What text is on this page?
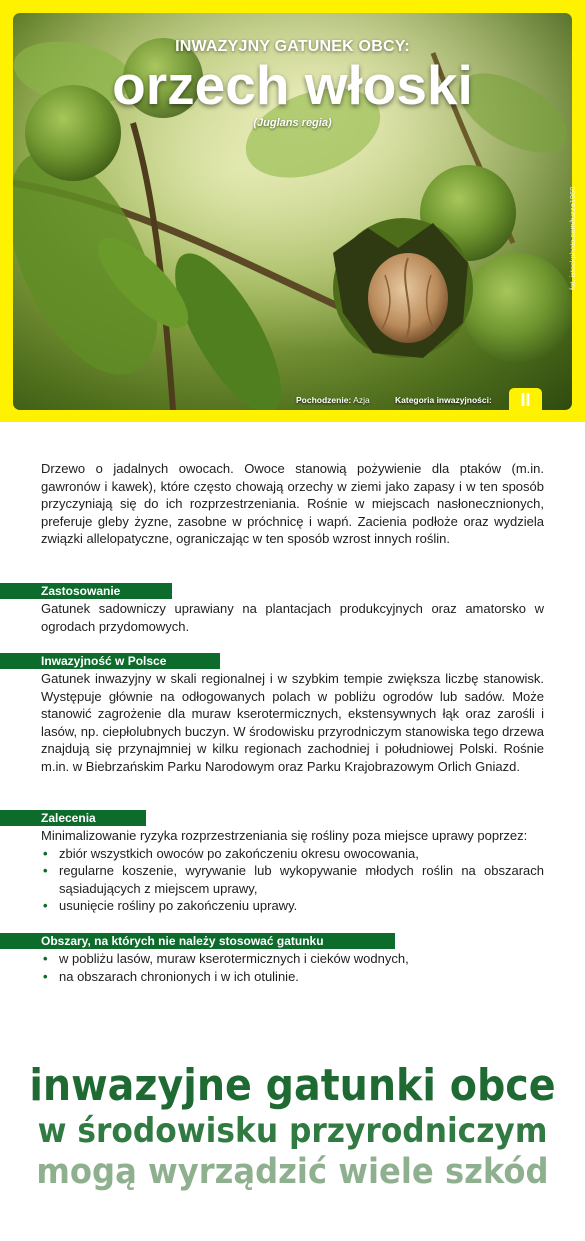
INWAZYJNY GATUNEK OBCY:
orzech włoski
(Juglans regia)
fot. istockphoto.com/tuzza1960
Pochodzenie: Azja	Kategoria inwazyjności:	II

Drzewo o jadalnych owocach. Owoce stanowią pożywienie dla ptaków (m.in. gawronów i kawek), które często chowają orzechy w ziemi jako zapasy i w ten sposób przyczyniają się do ich rozprzestrzeniania. Rośnie w miejscach nasłonecznionych, preferuje gleby żyzne, zasobne w próchnicę i wapń. Zacienia podłoże oraz wydziela związki allelopatyczne, ograniczając w ten sposób wzrost innych roślin.

Zastosowanie

Gatunek sadowniczy uprawiany na plantacjach produkcyjnych oraz amatorsko w ogrodach przydomowych.

Inwazyjność w Polsce

Gatunek inwazyjny w skali regionalnej i w szybkim tempie zwiększa liczbę stanowisk. Występuje głównie na odłogowanych polach w pobliżu ogrodów lub sadów. Może stanowić zagrożenie dla muraw kserotermicznych, ekstensywnych łąk oraz zarośli i lasów, np. ciepłolubnych buczyn. W środowisku przyrodniczym stanowiska tego drzewa znajdują się przynajmniej w kilku regionach zachodniej i południowej Polski. Rośnie m.in. w Biebrzańskim Parku Narodowym oraz Parku Krajobrazowym Orlich Gniazd.

Zalecenia

Minimalizowanie ryzyka rozprzestrzeniania się rośliny poza miejsce uprawy poprzez:

• zbiór wszystkich owoców po zakończeniu okresu owocowania,
• regularne koszenie, wyrywanie lub wykopywanie młodych roślin na obszarach sąsiadujących z miejscem uprawy,
• usunięcie rośliny po zakończeniu uprawy.
Obszary, na których nie należy stosować gatunku
• w pobliżu lasów, muraw kserotermicznych i cieków wodnych,
• na obszarach chronionych i w ich otulinie.
inwazyjne gatunki obce
w środowisku przyrodniczym
mogą wyrządzić wiele szkód
